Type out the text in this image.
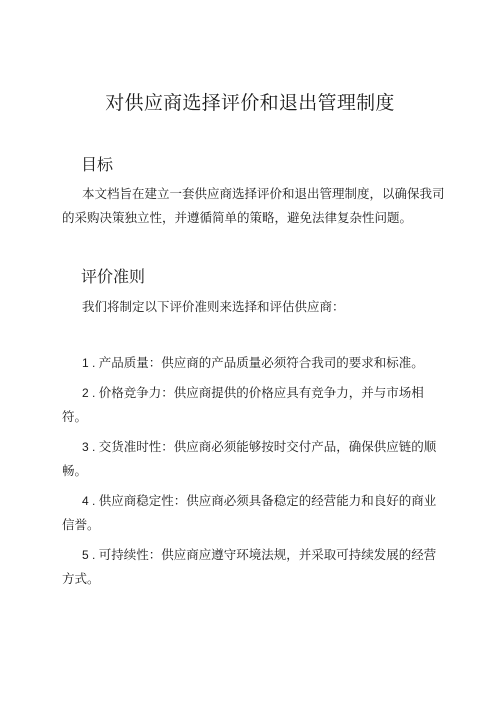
对供应商选择评价和退出管理制度
目标

本文档旨在建立一套供应商选择评价和退出管理制度，以确保我司的采购决策独立性，并遵循简单的策略，避免法律复杂性问题。

评价准则

我们将制定以下评价准则来选择和评估供应商：

1 . 产品质量：供应商的产品质量必须符合我司的要求和标准。
2 . 价格竞争力：供应商提供的价格应具有竞争力，并与市场相符。
3 . 交货准时性：供应商必须能够按时交付产品，确保供应链的顺畅。
4 . 供应商稳定性：供应商必须具备稳定的经营能力和良好的商业信誉。
5 . 可持续性：供应商应遵守环境法规，并采取可持续发展的经营方式。
